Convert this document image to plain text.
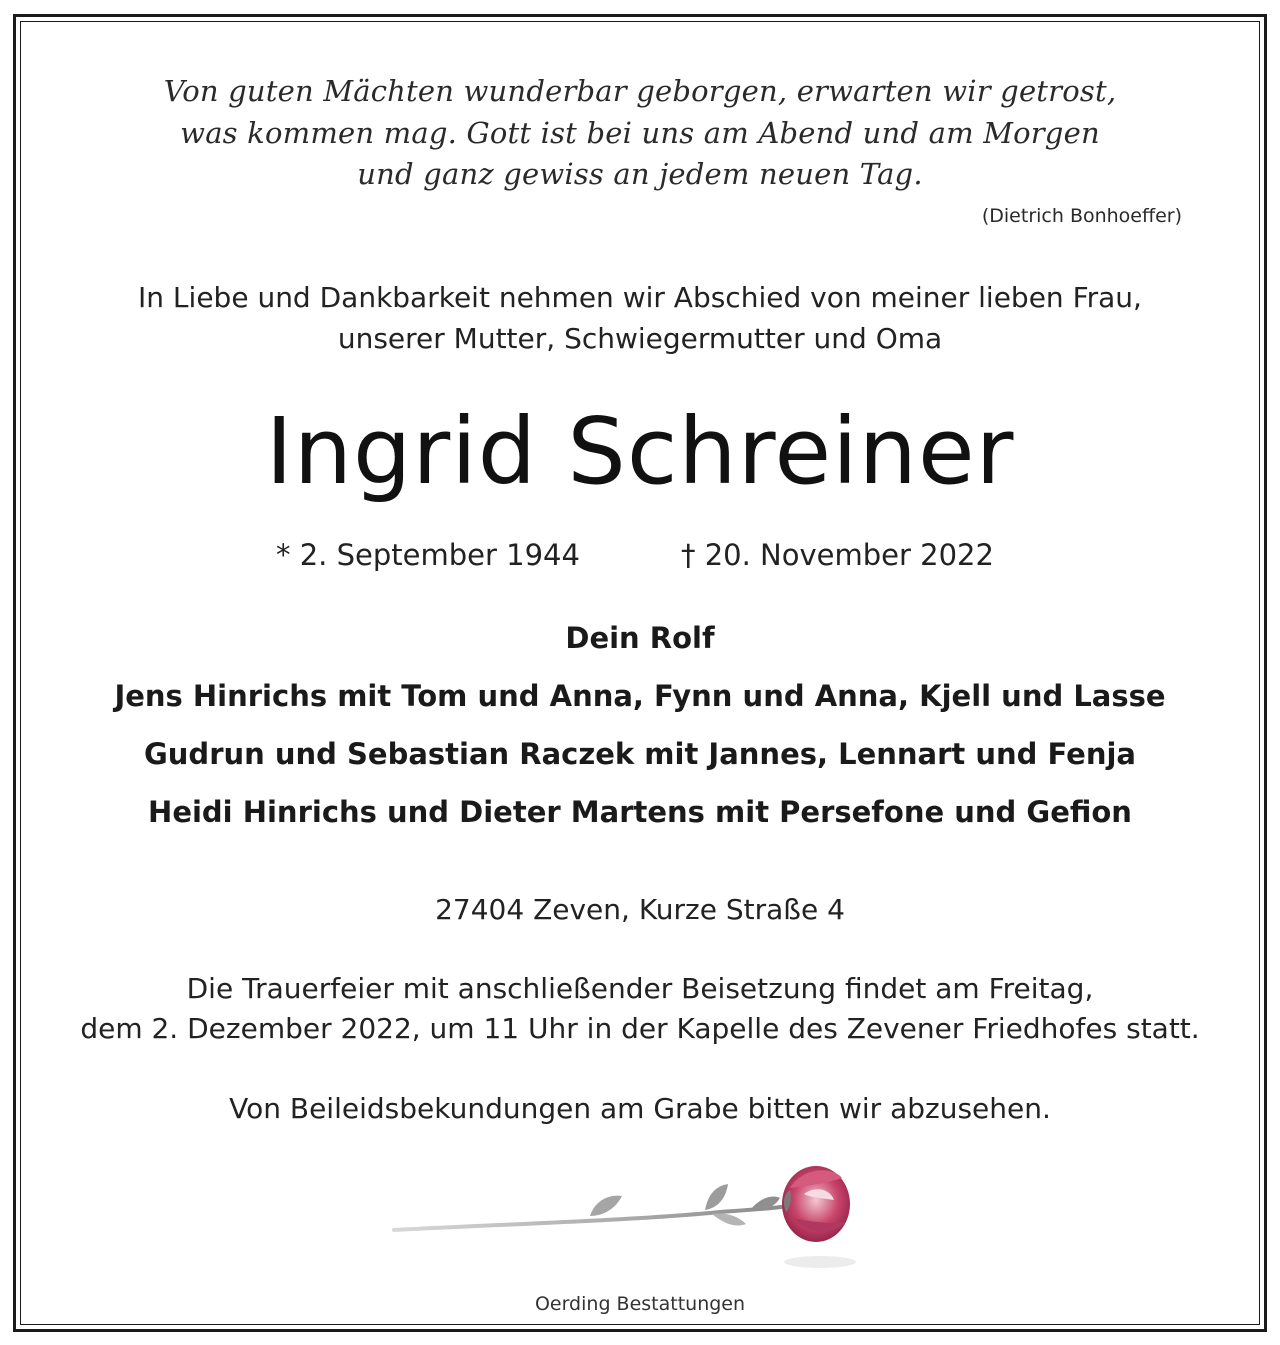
Von guten Mächten wunderbar geborgen, erwarten wir getrost,
was kommen mag. Gott ist bei uns am Abend und am Morgen
und ganz gewiss an jedem neuen Tag.
(Dietrich Bonhoeffer)
In Liebe und Dankbarkeit nehmen wir Abschied von meiner lieben Frau,
unserer Mutter, Schwiegermutter und Oma
Ingrid Schreiner
* 2. September 1944	† 20. November 2022
Dein Rolf
Jens Hinrichs mit Tom und Anna, Fynn und Anna, Kjell und Lasse
Gudrun und Sebastian Raczek mit Jannes, Lennart und Fenja
Heidi Hinrichs und Dieter Martens mit Persefone und Gefion
27404 Zeven, Kurze Straße 4
Die Trauerfeier mit anschließender Beisetzung findet am Freitag,
dem 2. Dezember 2022, um 11 Uhr in der Kapelle des Zevener Friedhofes statt.
Von Beileidsbekundungen am Grabe bitten wir abzusehen.
Oerding Bestattungen
